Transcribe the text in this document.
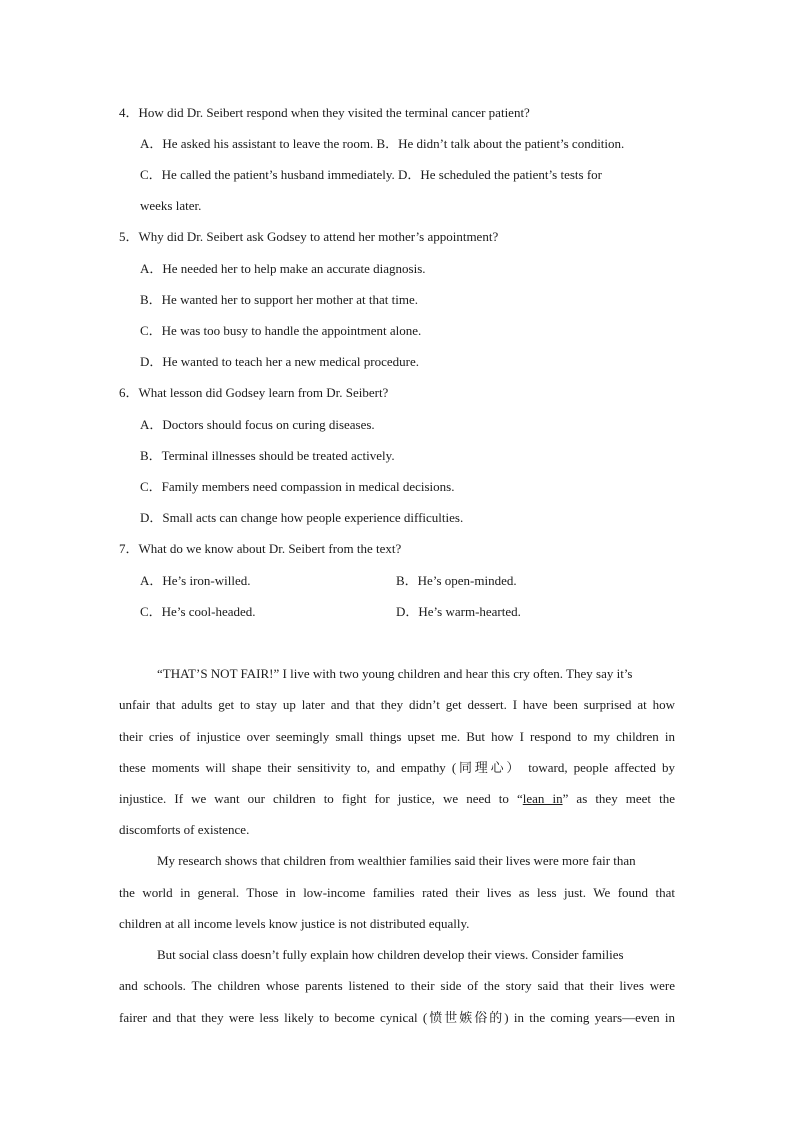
4．How did Dr. Seibert respond when they visited the terminal cancer patient?
A．He asked his assistant to leave the room. B．He didn’t talk about the patient’s condition.
C．He called the patient’s husband immediately. D．He scheduled the patient’s tests for
weeks later.
5．Why did Dr. Seibert ask Godsey to attend her mother’s appointment?
A．He needed her to help make an accurate diagnosis.
B．He wanted her to support her mother at that time.
C．He was too busy to handle the appointment alone.
D．He wanted to teach her a new medical procedure.
6．What lesson did Godsey learn from Dr. Seibert?
A．Doctors should focus on curing diseases.
B．Terminal illnesses should be treated actively.
C．Family members need compassion in medical decisions.
D．Small acts can change how people experience difficulties.
7．What do we know about Dr. Seibert from the text?
A．He’s iron-willed.	B．He’s open-minded.
C．He’s cool-headed.	D．He’s warm-hearted.
“THAT’S NOT FAIR!” I live with two young children and hear this cry often. They say it’s
unfair that adults get to stay up later and that they didn’t get dessert. I have been surprised at how
their cries of injustice over seemingly small things upset me. But how I respond to my children in
these moments will shape their sensitivity to, and empathy (同理心） toward, people affected by
injustice. If we want our children to fight for justice, we need to “lean in” as they meet the
discomforts of existence.
My research shows that children from wealthier families said their lives were more fair than
the world in general. Those in low-income families rated their lives as less just. We found that
children at all income levels know justice is not distributed equally.
But social class doesn’t fully explain how children develop their views. Consider families
and schools. The children whose parents listened to their side of the story said that their lives were
fairer and that they were less likely to become cynical (愤世嫉俗的) in the coming years—even in
